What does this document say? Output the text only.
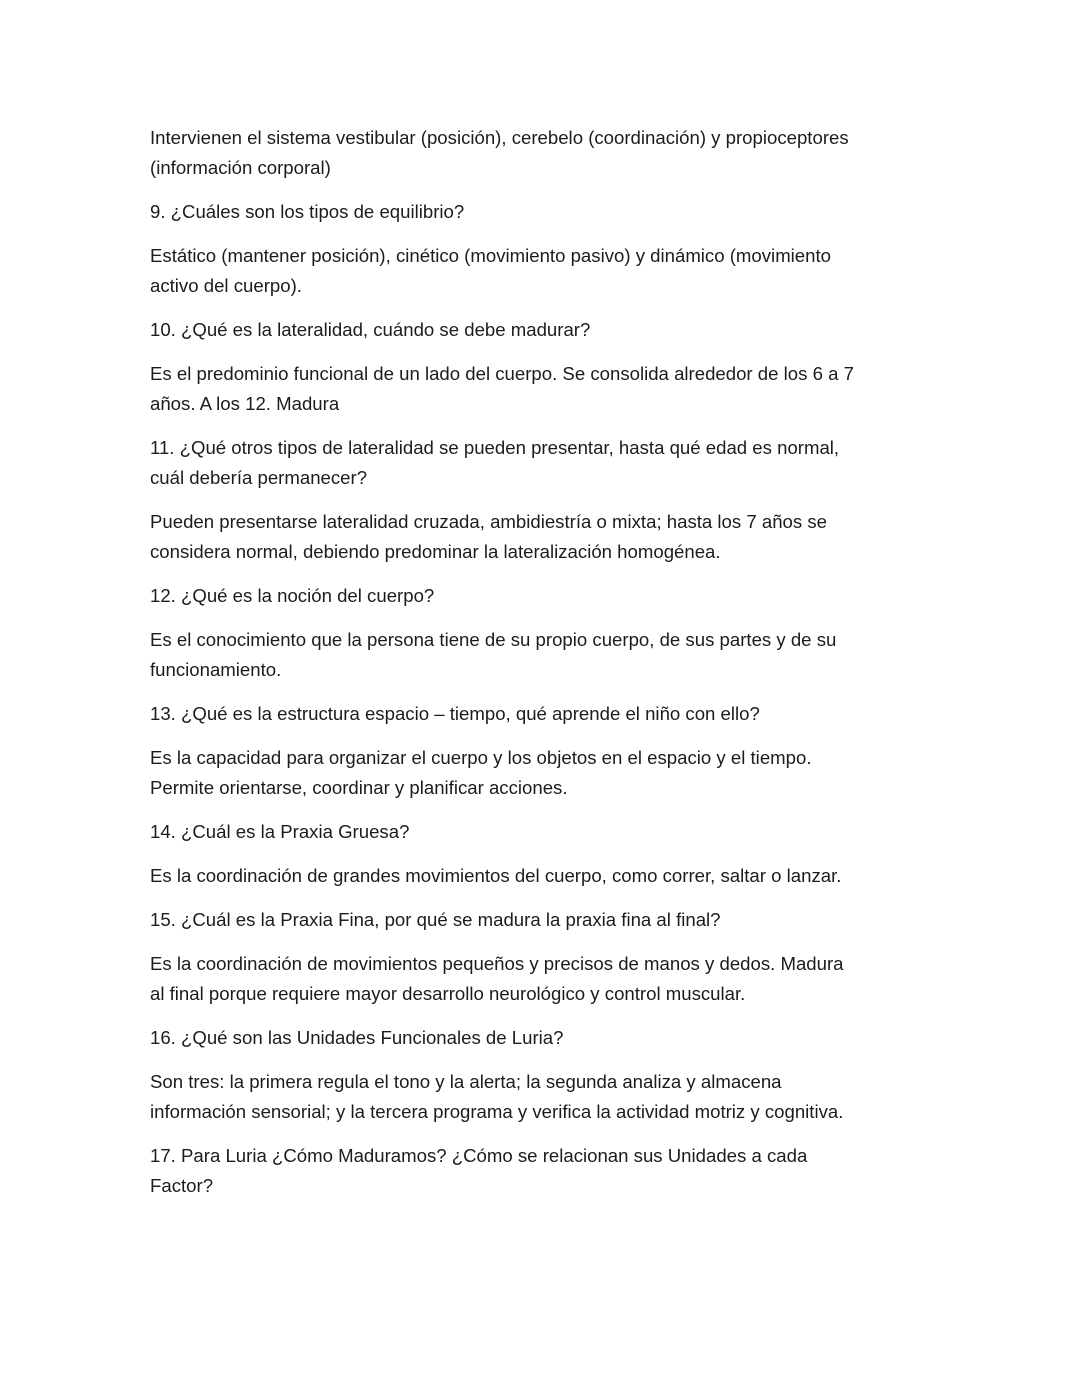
Intervienen el sistema vestibular (posición), cerebelo (coordinación) y propioceptores
(información corporal)

9. ¿Cuáles son los tipos de equilibrio?

Estático (mantener posición), cinético (movimiento pasivo) y dinámico (movimiento
activo del cuerpo).

10. ¿Qué es la lateralidad, cuándo se debe madurar?

Es el predominio funcional de un lado del cuerpo. Se consolida alrededor de los 6 a 7
años. A los 12. Madura

11. ¿Qué otros tipos de lateralidad se pueden presentar, hasta qué edad es normal,
cuál debería permanecer?

Pueden presentarse lateralidad cruzada, ambidiestría o mixta; hasta los 7 años se
considera normal, debiendo predominar la lateralización homogénea.

12. ¿Qué es la noción del cuerpo?

Es el conocimiento que la persona tiene de su propio cuerpo, de sus partes y de su
funcionamiento.

13. ¿Qué es la estructura espacio – tiempo, qué aprende el niño con ello?

Es la capacidad para organizar el cuerpo y los objetos en el espacio y el tiempo.
Permite orientarse, coordinar y planificar acciones.

14. ¿Cuál es la Praxia Gruesa?

Es la coordinación de grandes movimientos del cuerpo, como correr, saltar o lanzar.

15. ¿Cuál es la Praxia Fina, por qué se madura la praxia fina al final?

Es la coordinación de movimientos pequeños y precisos de manos y dedos. Madura
al final porque requiere mayor desarrollo neurológico y control muscular.

16. ¿Qué son las Unidades Funcionales de Luria?

Son tres: la primera regula el tono y la alerta; la segunda analiza y almacena
información sensorial; y la tercera programa y verifica la actividad motriz y cognitiva.

17. Para Luria ¿Cómo Maduramos? ¿Cómo se relacionan sus Unidades a cada
Factor?
